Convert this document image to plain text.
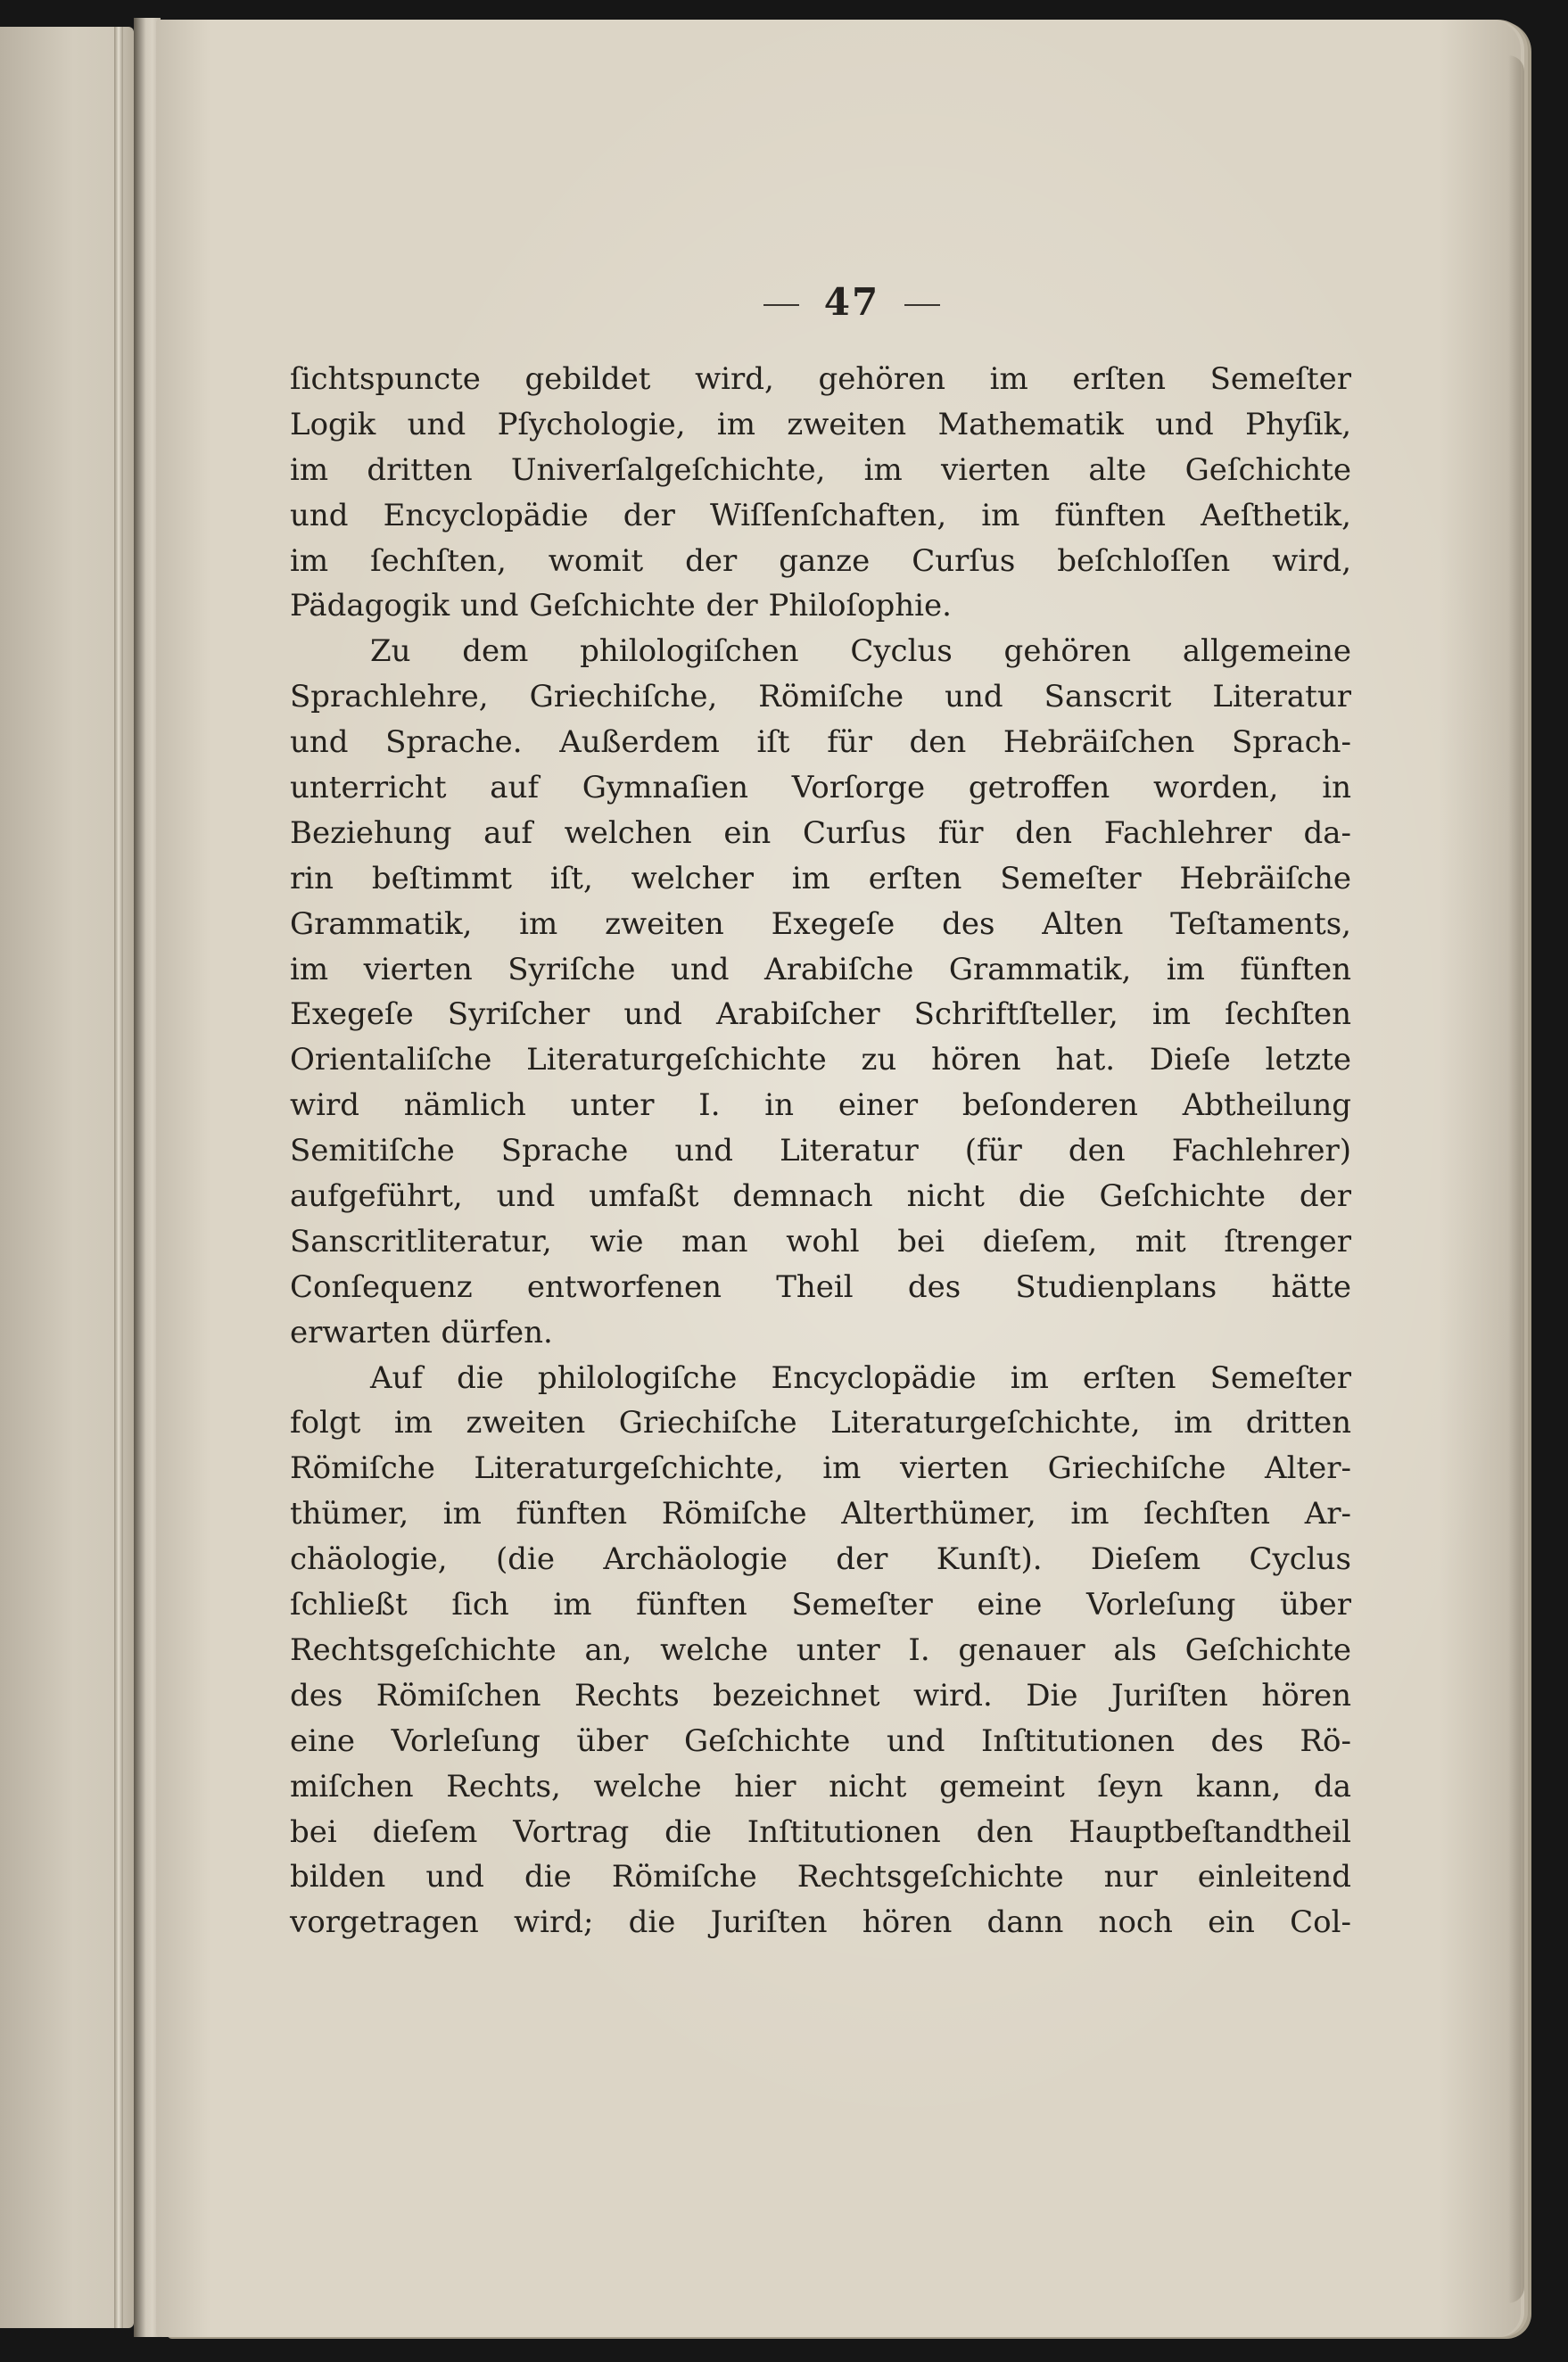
47
ſichtspuncte gebildet wird, gehören im erſten Semeſter
Logik und Pſychologie, im zweiten Mathematik und Phyſik,
im dritten Univerſalgeſchichte, im vierten alte Geſchichte
und Encyclopädie der Wiſſenſchaften, im fünften Aeſthetik,
im ſechſten, womit der ganze Curſus beſchloſſen wird,
Pädagogik und Geſchichte der Philoſophie.
Zu dem philologiſchen Cyclus gehören allgemeine
Sprachlehre, Griechiſche, Römiſche und Sanscrit Literatur
und Sprache. Außerdem iſt für den Hebräiſchen Sprach-
unterricht auf Gymnaſien Vorſorge getroffen worden, in
Beziehung auf welchen ein Curſus für den Fachlehrer da-
rin beſtimmt iſt, welcher im erſten Semeſter Hebräiſche
Grammatik, im zweiten Exegeſe des Alten Teſtaments,
im vierten Syriſche und Arabiſche Grammatik, im fünften
Exegeſe Syriſcher und Arabiſcher Schriftſteller, im ſechſten
Orientaliſche Literaturgeſchichte zu hören hat. Dieſe letzte
wird nämlich unter I. in einer beſonderen Abtheilung
Semitiſche Sprache und Literatur (für den Fachlehrer)
aufgeführt, und umfaßt demnach nicht die Geſchichte der
Sanscritliteratur, wie man wohl bei dieſem, mit ſtrenger
Conſequenz entworfenen Theil des Studienplans hätte
erwarten dürfen.
Auf die philologiſche Encyclopädie im erſten Semeſter
folgt im zweiten Griechiſche Literaturgeſchichte, im dritten
Römiſche Literaturgeſchichte, im vierten Griechiſche Alter-
thümer, im fünften Römiſche Alterthümer, im ſechſten Ar-
chäologie, (die Archäologie der Kunſt). Dieſem Cyclus
ſchließt ſich im fünften Semeſter eine Vorleſung über
Rechtsgeſchichte an, welche unter I. genauer als Geſchichte
des Römiſchen Rechts bezeichnet wird. Die Juriſten hören
eine Vorleſung über Geſchichte und Inſtitutionen des Rö-
miſchen Rechts, welche hier nicht gemeint ſeyn kann, da
bei dieſem Vortrag die Inſtitutionen den Hauptbeſtandtheil
bilden und die Römiſche Rechtsgeſchichte nur einleitend
vorgetragen wird; die Juriſten hören dann noch ein Col-
